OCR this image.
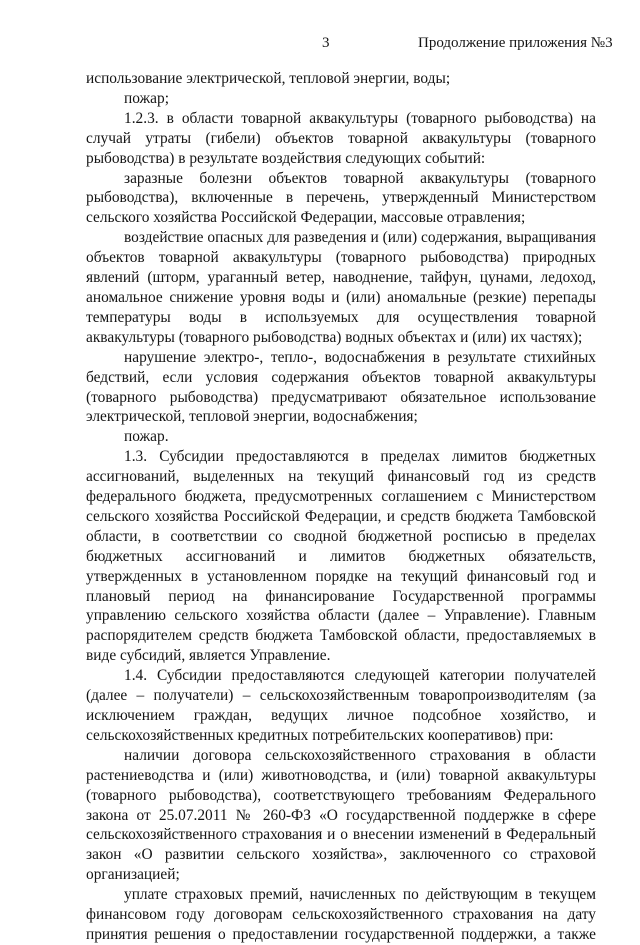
3	Продолжение приложения №3

использование электрической, тепловой энергии, воды;

пожар;

1.2.3. в области товарной аквакультуры (товарного рыбоводства) на случай утраты (гибели) объектов товарной аквакультуры (товарного рыбоводства) в результате воздействия следующих событий:

заразные болезни объектов товарной аквакультуры (товарного рыбоводства), включенные в перечень, утвержденный Министерством сельского хозяйства Российской Федерации, массовые отравления;

воздействие опасных для разведения и (или) содержания, выращивания объектов товарной аквакультуры (товарного рыбоводства) природных явлений (шторм, ураганный ветер, наводнение, тайфун, цунами, ледоход, аномальное снижение уровня воды и (или) аномальные (резкие) перепады температуры воды в используемых для осуществления товарной аквакультуры (товарного рыбоводства) водных объектах и (или) их частях);

нарушение электро-, тепло-, водоснабжения в результате стихийных бедствий, если условия содержания объектов товарной аквакультуры (товарного рыбоводства) предусматривают обязательное использование электрической, тепловой энергии, водоснабжения;

пожар.

1.3. Субсидии предоставляются в пределах лимитов бюджетных ассигнований, выделенных на текущий финансовый год из средств федерального бюджета, предусмотренных соглашением с Министерством сельского хозяйства Российской Федерации, и средств бюджета Тамбовской области, в соответствии со сводной бюджетной росписью в пределах бюджетных ассигнований и лимитов бюджетных обязательств, утвержденных в установленном порядке на текущий финансовый год и плановый период на финансирование Государственной программы управлению сельского хозяйства области (далее – Управление). Главным распорядителем средств бюджета Тамбовской области, предоставляемых в виде субсидий, является Управление.

1.4. Субсидии предоставляются следующей категории получателей (далее – получатели) – сельскохозяйственным товаропроизводителям (за исключением граждан, ведущих личное подсобное хозяйство, и сельскохозяйственных кредитных потребительских кооперативов) при:

наличии договора сельскохозяйственного страхования в области растениеводства и (или) животноводства, и (или) товарной аквакультуры (товарного рыбоводства), соответствующего требованиям Федерального закона от 25.07.2011 № 260-ФЗ «О государственной поддержке в сфере сельскохозяйственного страхования и о внесении изменений в Федеральный закон «О развитии сельского хозяйства», заключенного со страховой организацией;

уплате страховых премий, начисленных по действующим в текущем финансовом году договорам сельскохозяйственного страхования на дату принятия решения о предоставлении государственной поддержки, а также
